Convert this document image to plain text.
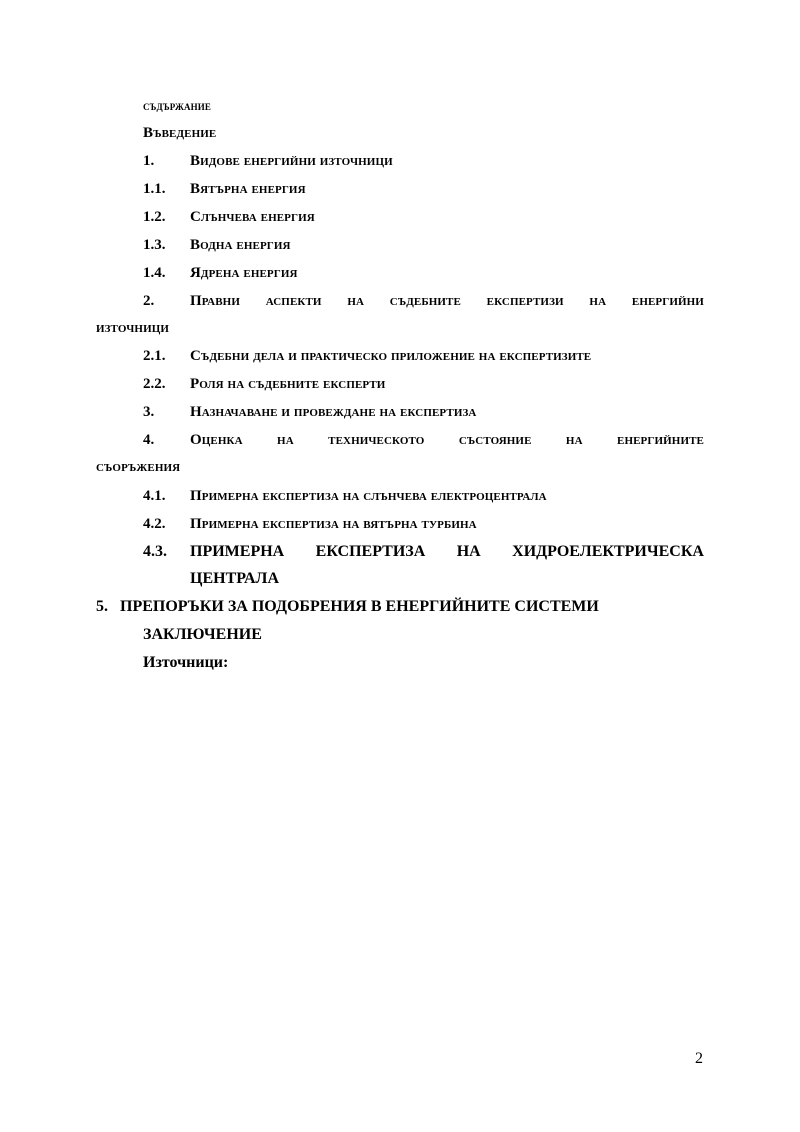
съдържание
Въведение
1. Видове енергийни източници
1.1. Вятърна енергия
1.2. Слънчева енергия
1.3. Водна енергия
1.4. Ядрена енергия
2. Правни аспекти на съдебните експертизи на енергийни
източници
2.1. Съдебни дела и практическо приложение на експертизите
2.2. Роля на съдебните експерти
3. Назначаване и провеждане на експертиза
4. Оценка на техническото състояние на енергийните
съоръжения
4.1. Примерна експертиза на слънчева електроцентрала
4.2. Примерна експертиза на вятърна турбина
4.3. ПРИМЕРНА ЕКСПЕРТИЗА НА ХИДРОЕЛЕКТРИЧЕСКА
ЦЕНТРАЛА
5. ПРЕПОРЪКИ ЗА ПОДОБРЕНИЯ В ЕНЕРГИЙНИТЕ СИСТЕМИ
ЗАКЛЮЧЕНИЕ
Източници:
2
